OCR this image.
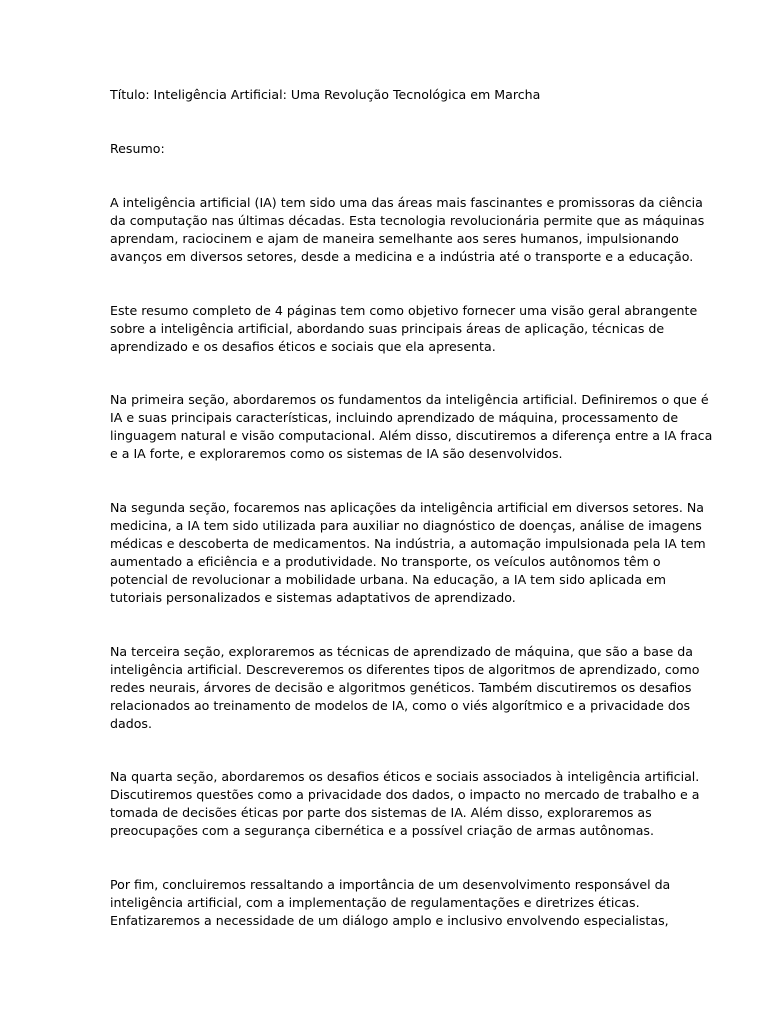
Título: Inteligência Artificial: Uma Revolução Tecnológica em Marcha
Resumo:
A inteligência artificial (IA) tem sido uma das áreas mais fascinantes e promissoras da ciência
da computação nas últimas décadas. Esta tecnologia revolucionária permite que as máquinas
aprendam, raciocinem e ajam de maneira semelhante aos seres humanos, impulsionando
avanços em diversos setores, desde a medicina e a indústria até o transporte e a educação.
Este resumo completo de 4 páginas tem como objetivo fornecer uma visão geral abrangente
sobre a inteligência artificial, abordando suas principais áreas de aplicação, técnicas de
aprendizado e os desafios éticos e sociais que ela apresenta.
Na primeira seção, abordaremos os fundamentos da inteligência artificial. Definiremos o que é
IA e suas principais características, incluindo aprendizado de máquina, processamento de
linguagem natural e visão computacional. Além disso, discutiremos a diferença entre a IA fraca
e a IA forte, e exploraremos como os sistemas de IA são desenvolvidos.
Na segunda seção, focaremos nas aplicações da inteligência artificial em diversos setores. Na
medicina, a IA tem sido utilizada para auxiliar no diagnóstico de doenças, análise de imagens
médicas e descoberta de medicamentos. Na indústria, a automação impulsionada pela IA tem
aumentado a eficiência e a produtividade. No transporte, os veículos autônomos têm o
potencial de revolucionar a mobilidade urbana. Na educação, a IA tem sido aplicada em
tutoriais personalizados e sistemas adaptativos de aprendizado.
Na terceira seção, exploraremos as técnicas de aprendizado de máquina, que são a base da
inteligência artificial. Descreveremos os diferentes tipos de algoritmos de aprendizado, como
redes neurais, árvores de decisão e algoritmos genéticos. Também discutiremos os desafios
relacionados ao treinamento de modelos de IA, como o viés algorítmico e a privacidade dos
dados.
Na quarta seção, abordaremos os desafios éticos e sociais associados à inteligência artificial.
Discutiremos questões como a privacidade dos dados, o impacto no mercado de trabalho e a
tomada de decisões éticas por parte dos sistemas de IA. Além disso, exploraremos as
preocupações com a segurança cibernética e a possível criação de armas autônomas.
Por fim, concluiremos ressaltando a importância de um desenvolvimento responsável da
inteligência artificial, com a implementação de regulamentações e diretrizes éticas.
Enfatizaremos a necessidade de um diálogo amplo e inclusivo envolvendo especialistas,
